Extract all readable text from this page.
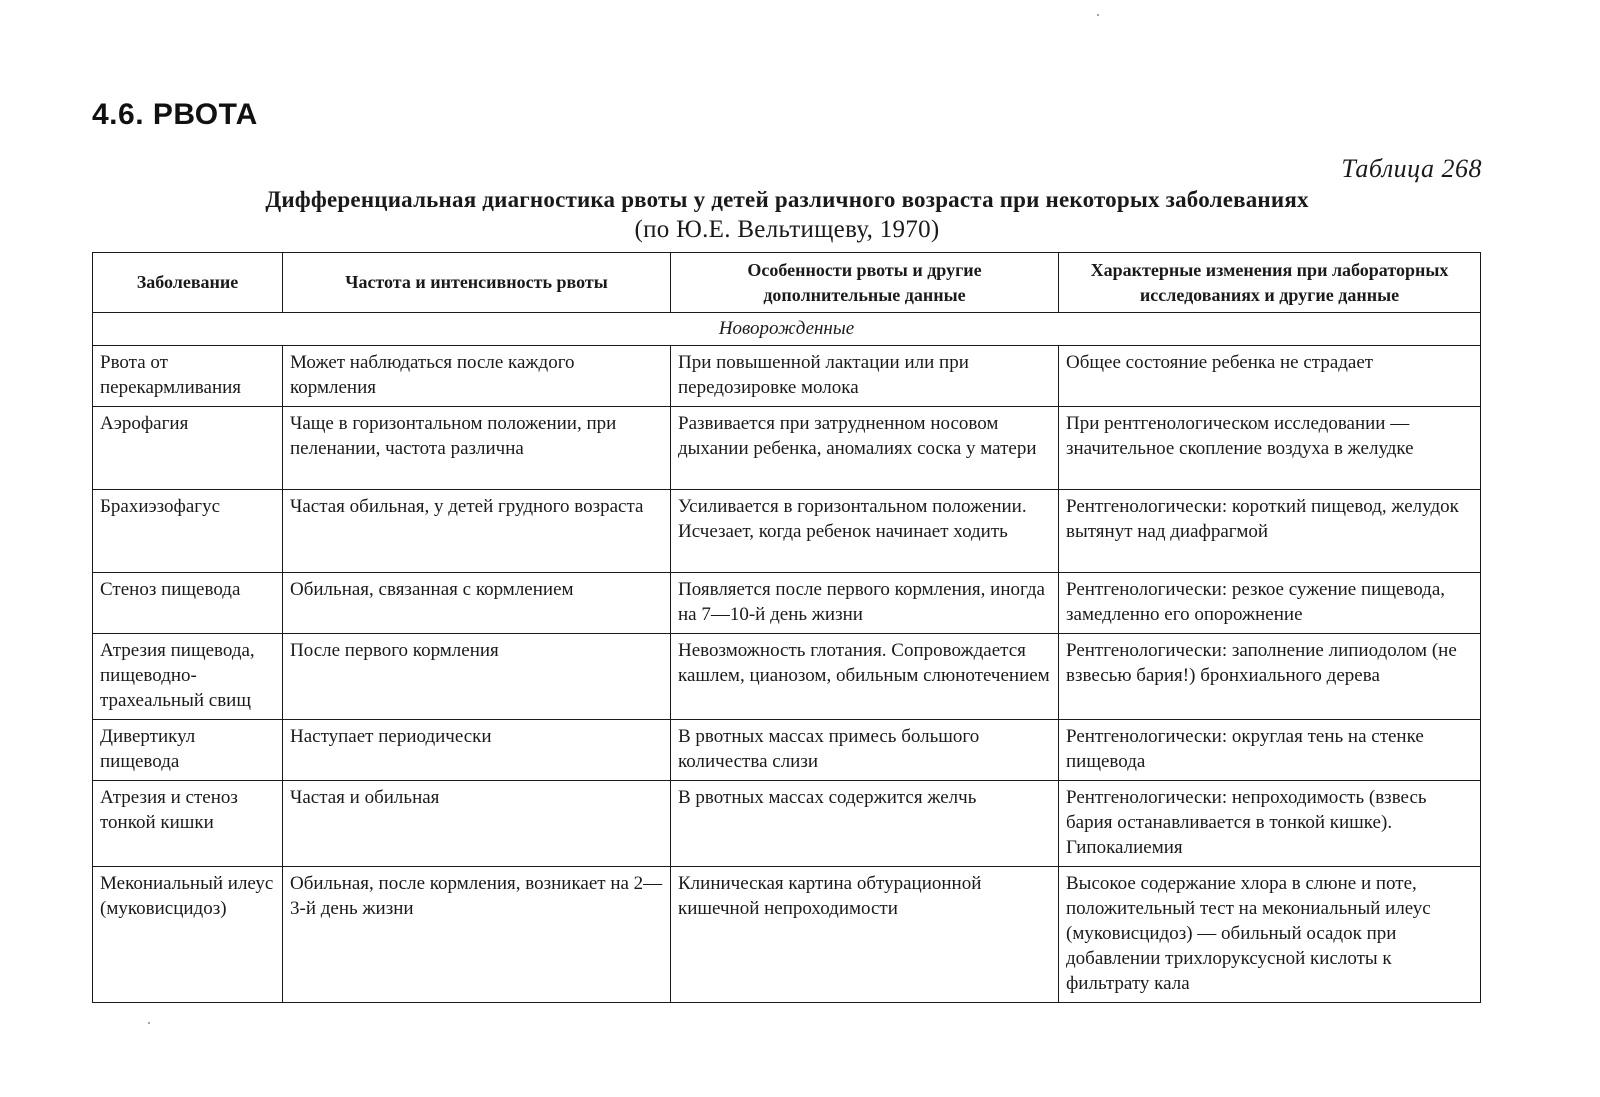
4.6. РВОТА
Таблица 268
Дифференциальная диагностика рвоты у детей различного возраста при некоторых заболеваниях
(по Ю.Е. Вельтищеву, 1970)
Заболевание	Частота и интенсивность рвоты	Особенности рвоты и другие дополнительные данные	Характерные изменения при лабораторных исследованиях и другие данные
Новорожденные			
Рвота от перекармливания	Может наблюдаться после каждого кормления	При повышенной лактации или при передозировке молока	Общее состояние ребенка не страдает
Аэрофагия	Чаще в горизонтальном положении, при пеленании, частота различна	Развивается при затрудненном носовом дыхании ребенка, аномалиях соска у матери	При рентгенологическом исследовании — значительное скопление воздуха в желудке
Брахиэзофагус	Частая обильная, у детей грудного возраста	Усиливается в горизонтальном положении. Исчезает, когда ребенок начинает ходить	Рентгенологически: короткий пищевод, желудок вытянут над диафрагмой
Стеноз пищевода	Обильная, связанная с кормлением	Появляется после первого кормления, иногда на 7—10-й день жизни	Рентгенологически: резкое сужение пищевода, замедленно его опорожнение
Атрезия пищевода, пищеводно-трахеальный свищ	После первого кормления	Невозможность глотания. Сопровождается кашлем, цианозом, обильным слюнотечением	Рентгенологически: заполнение липиодолом (не взвесью бария!) бронхиального дерева
Дивертикул пищевода	Наступает периодически	В рвотных массах примесь большого количества слизи	Рентгенологически: округлая тень на стенке пищевода
Атрезия и стеноз тонкой кишки	Частая и обильная	В рвотных массах содержится желчь	Рентгенологически: непроходимость (взвесь бария останавливается в тонкой кишке). Гипокалиемия
Мекониальный илеус (муковисцидоз)	Обильная, после кормления, возникает на 2—3-й день жизни	Клиническая картина обтурационной кишечной непроходимости	Высокое содержание хлора в слюне и поте, положительный тест на мекониальный илеус (муковисцидоз) — обильный осадок при добавлении трихлоруксусной кислоты к фильтрату кала
